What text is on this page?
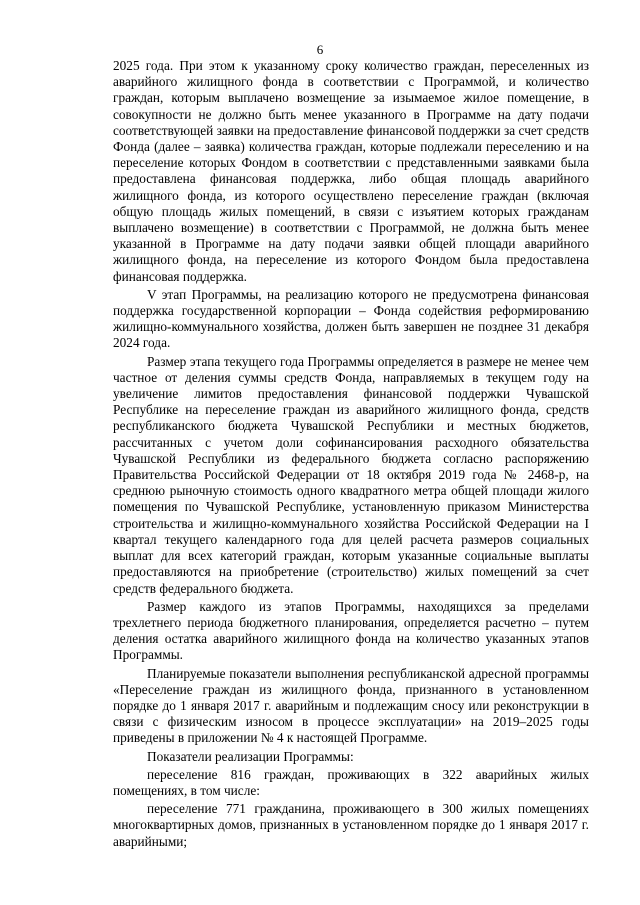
6

2025 года. При этом к указанному сроку количество граждан, переселенных из аварийного жилищного фонда в соответствии с Программой, и количество граждан, которым выплачено возмещение за изымаемое жилое помещение, в совокупности не должно быть менее указанного в Программе на дату подачи соответствующей заявки на предоставление финансовой поддержки за счет средств Фонда (далее – заявка) количества граждан, которые подлежали переселению и на переселение которых Фондом в соответствии с представленными заявками была предоставлена финансовая поддержка, либо общая площадь аварийного жилищного фонда, из которого осуществлено переселение граждан (включая общую площадь жилых помещений, в связи с изъятием которых гражданам выплачено возмещение) в соответствии с Программой, не должна быть менее указанной в Программе на дату подачи заявки общей площади аварийного жилищного фонда, на переселение из которого Фондом была предоставлена финансовая поддержка.

V этап Программы, на реализацию которого не предусмотрена финансовая поддержка государственной корпорации – Фонда содействия реформированию жилищно-коммунального хозяйства, должен быть завершен не позднее 31 декабря 2024 года.

Размер этапа текущего года Программы определяется в размере не менее чем частное от деления суммы средств Фонда, направляемых в текущем году на увеличение лимитов предоставления финансовой поддержки Чувашской Республике на переселение граждан из аварийного жилищного фонда, средств республиканского бюджета Чувашской Республики и местных бюджетов, рассчитанных с учетом доли софинансирования расходного обязательства Чувашской Республики из федерального бюджета согласно распоряжению Правительства Российской Федерации от 18 октября 2019 года № 2468-р, на среднюю рыночную стоимость одного квадратного метра общей площади жилого помещения по Чувашской Республике, установленную приказом Министерства строительства и жилищно-коммунального хозяйства Российской Федерации на I квартал текущего календарного года для целей расчета размеров социальных выплат для всех категорий граждан, которым указанные социальные выплаты предоставляются на приобретение (строительство) жилых помещений за счет средств федерального бюджета.

Размер каждого из этапов Программы, находящихся за пределами трехлетнего периода бюджетного планирования, определяется расчетно – путем деления остатка аварийного жилищного фонда на количество указанных этапов Программы.

Планируемые показатели выполнения республиканской адресной программы «Переселение граждан из жилищного фонда, признанного в установленном порядке до 1 января 2017 г. аварийным и подлежащим сносу или реконструкции в связи с физическим износом в процессе эксплуатации» на 2019–2025 годы приведены в приложении № 4 к настоящей Программе.

Показатели реализации Программы:

переселение 816 граждан, проживающих в 322 аварийных жилых помещениях, в том числе:

переселение 771 гражданина, проживающего в 300 жилых помещениях многоквартирных домов, признанных в установленном порядке до 1 января 2017 г. аварийными;
